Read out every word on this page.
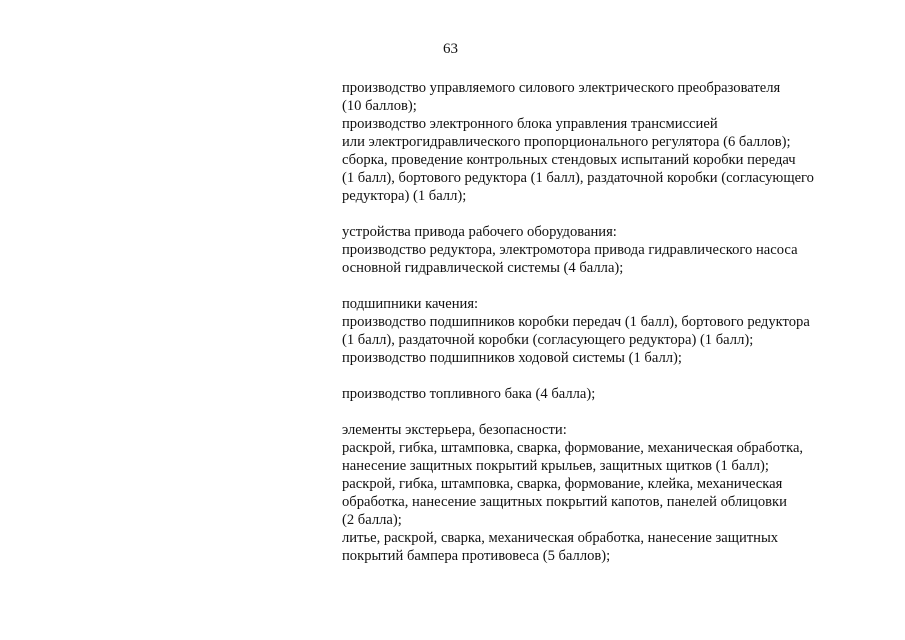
63
производство управляемого силового электрического преобразователя
(10 баллов);
производство электронного блока управления трансмиссией
или электрогидравлического пропорционального регулятора (6 баллов);
сборка, проведение контрольных стендовых испытаний коробки передач
(1 балл), бортового редуктора (1 балл), раздаточной коробки (согласующего
редуктора) (1 балл);
устройства привода рабочего оборудования:
производство редуктора, электромотора привода гидравлического насоса
основной гидравлической системы (4 балла);
подшипники качения:
производство подшипников коробки передач (1 балл), бортового редуктора
(1 балл), раздаточной коробки (согласующего редуктора) (1 балл);
производство подшипников ходовой системы (1 балл);
производство топливного бака (4 балла);
элементы экстерьера, безопасности:
раскрой, гибка, штамповка, сварка, формование, механическая обработка,
нанесение защитных покрытий крыльев, защитных щитков (1 балл);
раскрой, гибка, штамповка, сварка, формование, клейка, механическая
обработка, нанесение защитных покрытий капотов, панелей облицовки
(2 балла);
литье, раскрой, сварка, механическая обработка, нанесение защитных
покрытий бампера противовеса (5 баллов);
